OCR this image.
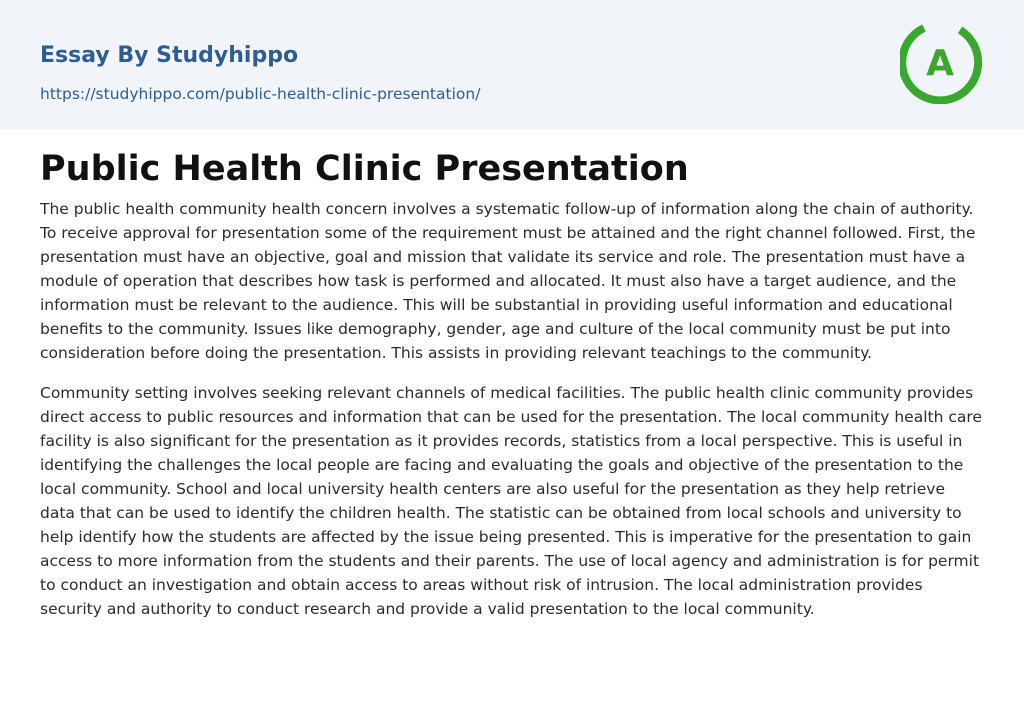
Essay By Studyhippo
https://studyhippo.com/public-health-clinic-presentation/
A
Public Health Clinic Presentation

The public health community health concern involves a systematic follow-up of information along the chain of authority. To receive approval for presentation some of the requirement must be attained and the right channel followed. First, the presentation must have an objective, goal and mission that validate its service and role. The presentation must have a module of operation that describes how task is performed and allocated. It must also have a target audience, and the information must be relevant to the audience. This will be substantial in providing useful information and educational benefits to the community. Issues like demography, gender, age and culture of the local community must be put into consideration before doing the presentation. This assists in providing relevant teachings to the community.

Community setting involves seeking relevant channels of medical facilities. The public health clinic community provides direct access to public resources and information that can be used for the presentation. The local community health care facility is also significant for the presentation as it provides records, statistics from a local perspective. This is useful in identifying the challenges the local people are facing and evaluating the goals and objective of the presentation to the local community. School and local university health centers are also useful for the presentation as they help retrieve data that can be used to identify the children health. The statistic can be obtained from local schools and university to help identify how the students are affected by the issue being presented. This is imperative for the presentation to gain access to more information from the students and their parents. The use of local agency and administration is for permit to conduct an investigation and obtain access to areas without risk of intrusion. The local administration provides security and authority to conduct research and provide a valid presentation to the local community.
